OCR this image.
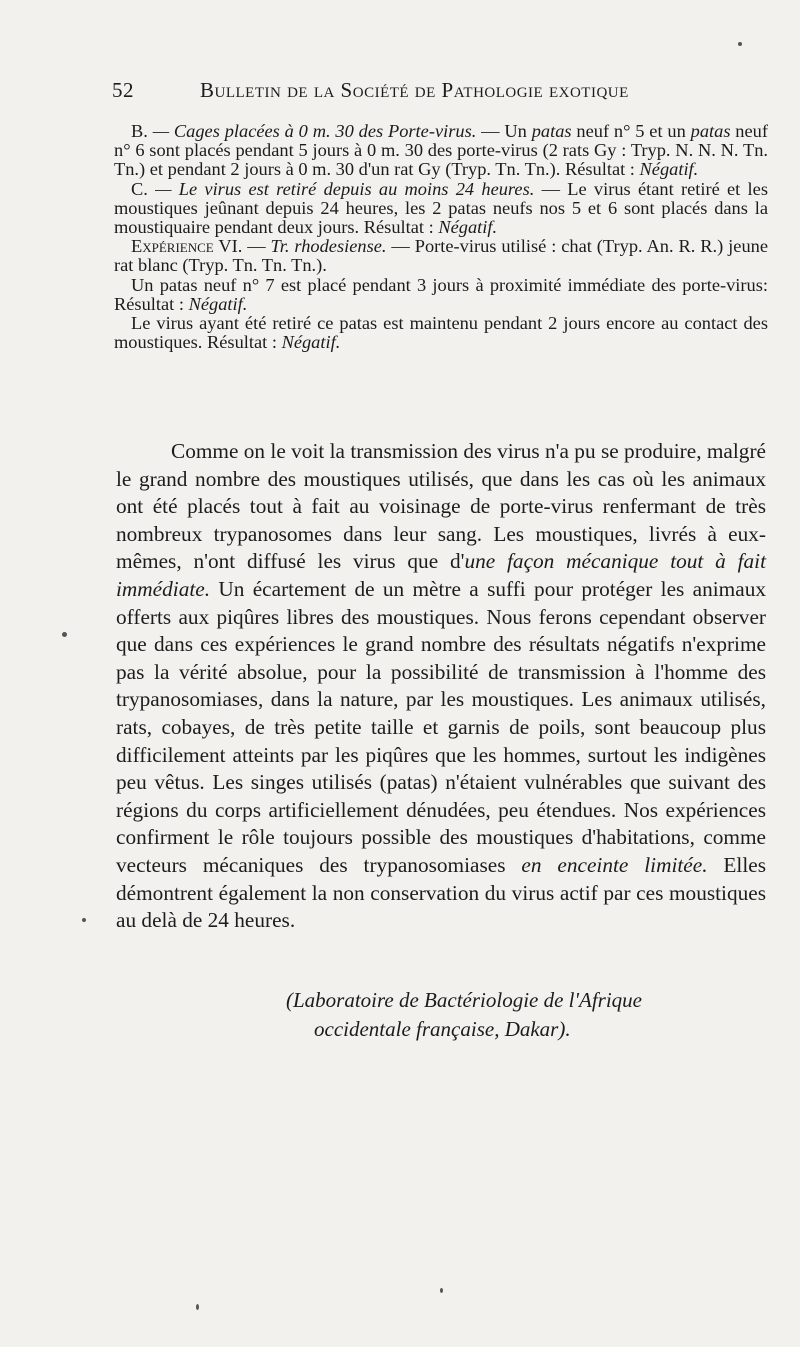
52	Bulletin de la Société de Pathologie exotique

B. — Cages placées à 0 m. 30 des Porte-virus. — Un patas neuf n° 5 et un patas neuf n° 6 sont placés pendant 5 jours à 0 m. 30 des porte-virus (2 rats Gy : Tryp. N. N. N. Tn. Tn.) et pendant 2 jours à 0 m. 30 d'un rat Gy (Tryp. Tn. Tn.). Résultat : Négatif.

C. — Le virus est retiré depuis au moins 24 heures. — Le virus étant retiré et les moustiques jeûnant depuis 24 heures, les 2 patas neufs nos 5 et 6 sont placés dans la moustiquaire pendant deux jours. Résultat : Négatif.

Expérience VI. — Tr. rhodesiense. — Porte-virus utilisé : chat (Tryp. An. R. R.) jeune rat blanc (Tryp. Tn. Tn. Tn.).

Un patas neuf n° 7 est placé pendant 3 jours à proximité immédiate des porte-virus: Résultat : Négatif.

Le virus ayant été retiré ce patas est maintenu pendant 2 jours encore au contact des moustiques. Résultat : Négatif.

Comme on le voit la transmission des virus n'a pu se produire, malgré le grand nombre des moustiques utilisés, que dans les cas où les animaux ont été placés tout à fait au voisinage de porte-virus renfermant de très nombreux trypanosomes dans leur sang. Les moustiques, livrés à eux-mêmes, n'ont diffusé les virus que d'une façon mécanique tout à fait immédiate. Un écartement de un mètre a suffi pour protéger les animaux offerts aux piqûres libres des moustiques. Nous ferons cependant observer que dans ces expériences le grand nombre des résultats négatifs n'exprime pas la vérité absolue, pour la possibilité de transmission à l'homme des trypanosomiases, dans la nature, par les moustiques. Les animaux utilisés, rats, cobayes, de très petite taille et garnis de poils, sont beaucoup plus difficilement atteints par les piqûres que les hommes, surtout les indigènes peu vêtus. Les singes utilisés (patas) n'étaient vulnérables que suivant des régions du corps artificiellement dénudées, peu étendues. Nos expériences confirment le rôle toujours possible des moustiques d'habitations, comme vecteurs mécaniques des trypanosomiases en enceinte limitée. Elles démontrent également la non conservation du virus actif par ces moustiques au delà de 24 heures.

(Laboratoire de Bactériologie de l'Afrique
occidentale française, Dakar).
